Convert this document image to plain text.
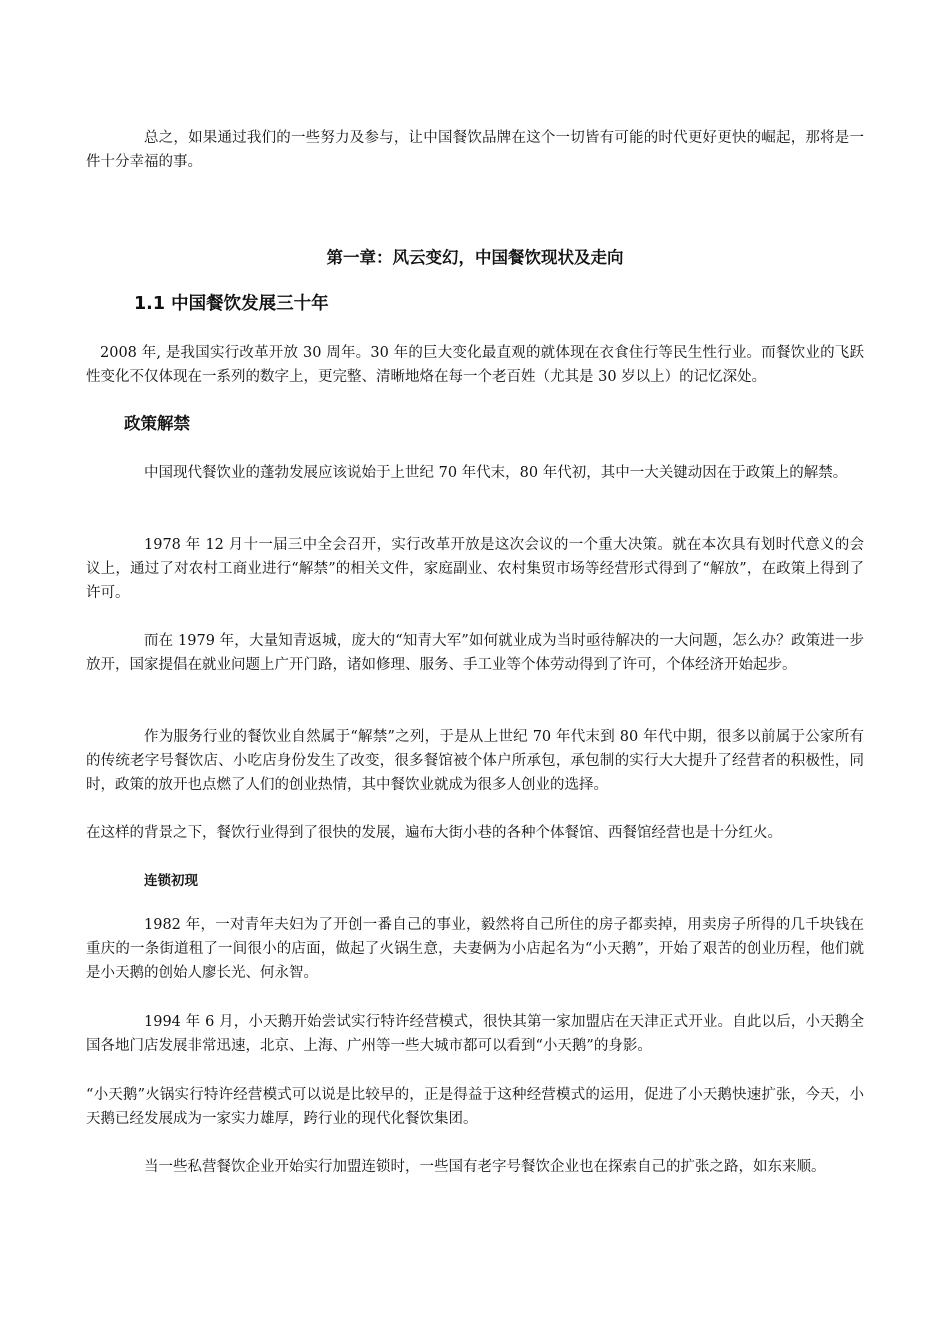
总之，如果通过我们的一些努力及参与，让中国餐饮品牌在这个一切皆有可能的时代更好更快的崛起，那将是一件十分幸福的事。

第一章：风云变幻，中国餐饮现状及走向
1.1 中国餐饮发展三十年

2008 年, 是我国实行改革开放 30 周年。30 年的巨大变化最直观的就体现在衣食住行等民生性行业。而餐饮业的飞跃性变化不仅体现在一系列的数字上，更完整、清晰地烙在每一个老百姓（尤其是 30 岁以上）的记忆深处。

政策解禁

中国现代餐饮业的蓬勃发展应该说始于上世纪 70 年代末，80 年代初，其中一大关键动因在于政策上的解禁。

1978 年 12 月十一届三中全会召开，实行改革开放是这次会议的一个重大决策。就在本次具有划时代意义的会议上，通过了对农村工商业进行“解禁”的相关文件，家庭副业、农村集贸市场等经营形式得到了“解放”，在政策上得到了许可。

而在 1979 年，大量知青返城，庞大的“知青大军”如何就业成为当时亟待解决的一大问题，怎么办？政策进一步放开，国家提倡在就业问题上广开门路，诸如修理、服务、手工业等个体劳动得到了许可，个体经济开始起步。

作为服务行业的餐饮业自然属于“解禁”之列，于是从上世纪 70 年代末到 80 年代中期，很多以前属于公家所有的传统老字号餐饮店、小吃店身份发生了改变，很多餐馆被个体户所承包，承包制的实行大大提升了经营者的积极性，同时，政策的放开也点燃了人们的创业热情，其中餐饮业就成为很多人创业的选择。

在这样的背景之下，餐饮行业得到了很快的发展，遍布大街小巷的各种个体餐馆、西餐馆经营也是十分红火。

连锁初现

1982 年，一对青年夫妇为了开创一番自己的事业，毅然将自己所住的房子都卖掉，用卖房子所得的几千块钱在重庆的一条街道租了一间很小的店面，做起了火锅生意，夫妻俩为小店起名为“小天鹅”，开始了艰苦的创业历程，他们就是小天鹅的创始人廖长光、何永智。

1994 年 6 月，小天鹅开始尝试实行特许经营模式，很快其第一家加盟店在天津正式开业。自此以后，小天鹅全国各地门店发展非常迅速，北京、上海、广州等一些大城市都可以看到“小天鹅”的身影。

“小天鹅”火锅实行特许经营模式可以说是比较早的，正是得益于这种经营模式的运用，促进了小天鹅快速扩张，今天，小天鹅已经发展成为一家实力雄厚，跨行业的现代化餐饮集团。

当一些私营餐饮企业开始实行加盟连锁时，一些国有老字号餐饮企业也在探索自己的扩张之路，如东来顺。
